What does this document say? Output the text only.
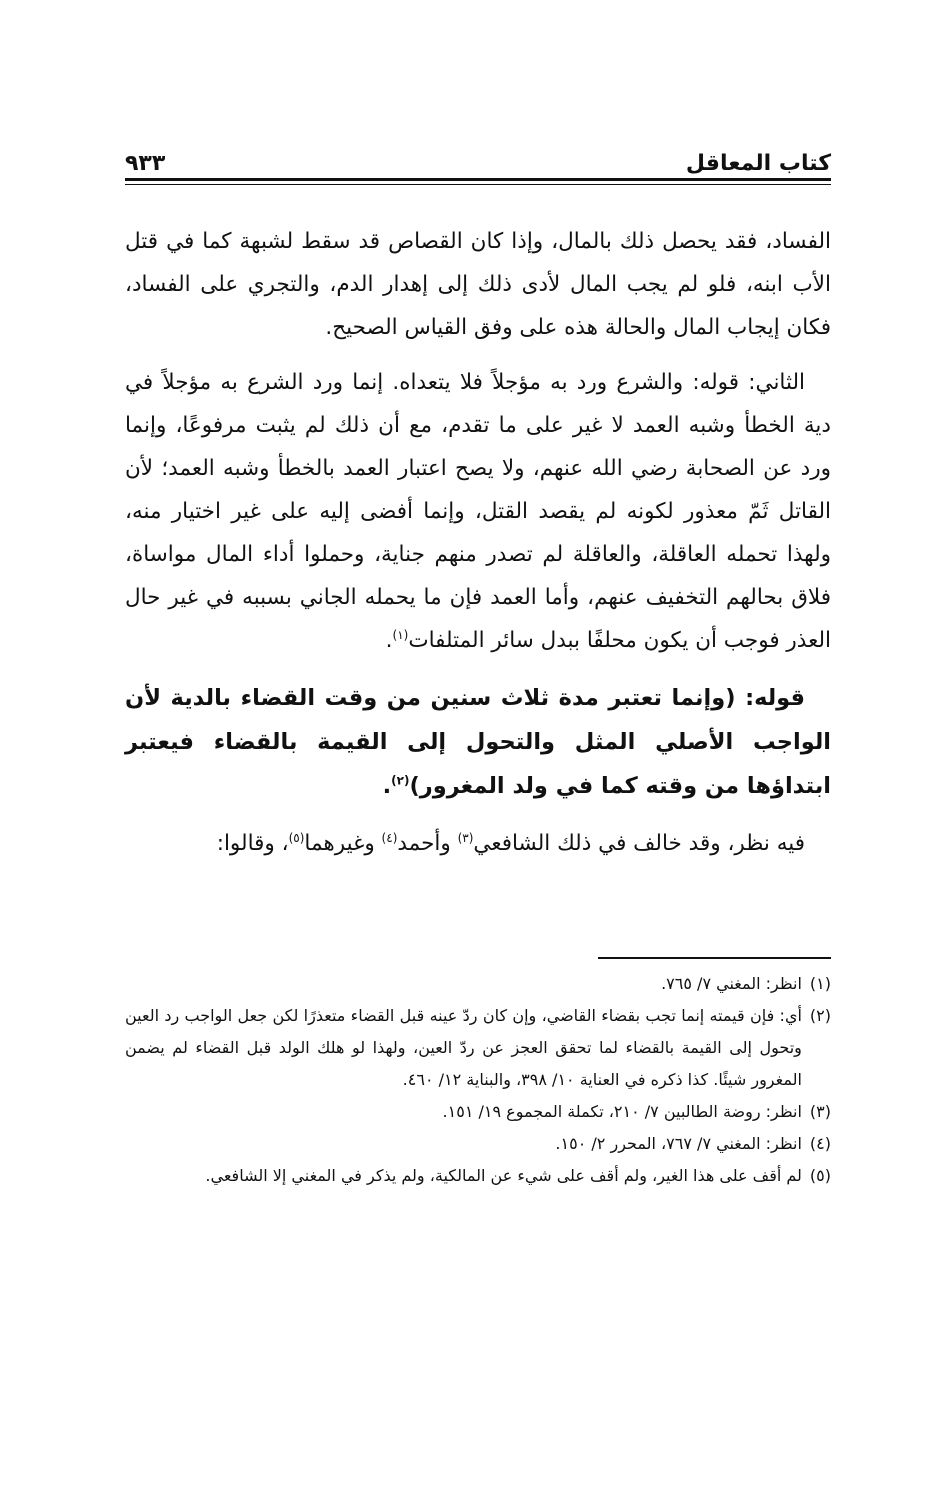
كتاب المعاقل
٩٣٣

الفساد، فقد يحصل ذلك بالمال، وإذا كان القصاص قد سقط لشبهة كما في قتل الأب ابنه، فلو لم يجب المال لأدى ذلك إلى إهدار الدم، والتجري على الفساد، فكان إيجاب المال والحالة هذه على وفق القياس الصحيح.

الثاني: قوله: والشرع ورد به مؤجلاً فلا يتعداه. إنما ورد الشرع به مؤجلاً في دية الخطأ وشبه العمد لا غير على ما تقدم، مع أن ذلك لم يثبت مرفوعًا، وإنما ورد عن الصحابة رضي الله عنهم، ولا يصح اعتبار العمد بالخطأ وشبه العمد؛ لأن القاتل ثَمّ معذور لكونه لم يقصد القتل، وإنما أفضى إليه على غير اختيار منه، ولهذا تحمله العاقلة، والعاقلة لم تصدر منهم جناية، وحملوا أداء المال مواساة، فلاق بحالهم التخفيف عنهم، وأما العمد فإن ما يحمله الجاني بسببه في غير حال العذر فوجب أن يكون محلفًا ببدل سائر المتلفات$^{(١)}$.

قوله: (وإنما تعتبر مدة ثلاث سنين من وقت القضاء بالدية لأن الواجب الأصلي المثل والتحول إلى القيمة بالقضاء فيعتبر ابتداؤها من وقته كما في ولد المغرور)$^{(٢)}$.

فيه نظر، وقد خالف في ذلك الشافعي$^{(٣)}$ وأحمد$^{(٤)}$ وغيرهما$^{(٥)}$، وقالوا:

(١)
انظر: المغني ٧/ ٧٦٥.
(٢)
أي: فإن قيمته إنما تجب بقضاء القاضي، وإن كان ردّ عينه قبل القضاء متعذرًا لكن جعل الواجب رد العين وتحول إلى القيمة بالقضاء لما تحقق العجز عن ردّ العين، ولهذا لو هلك الولد قبل القضاء لم يضمن المغرور شيئًا. كذا ذكره في العناية ١٠/ ٣٩٨، والبناية ١٢/ ٤٦٠.
(٣)
انظر: روضة الطالبين ٧/ ٢١٠، تكملة المجموع ١٩/ ١٥١.
(٤)
انظر: المغني ٧/ ٧٦٧، المحرر ٢/ ١٥٠.
(٥)
لم أقف على هذا الغير، ولم أقف على شيء عن المالكية، ولم يذكر في المغني إلا الشافعي.
